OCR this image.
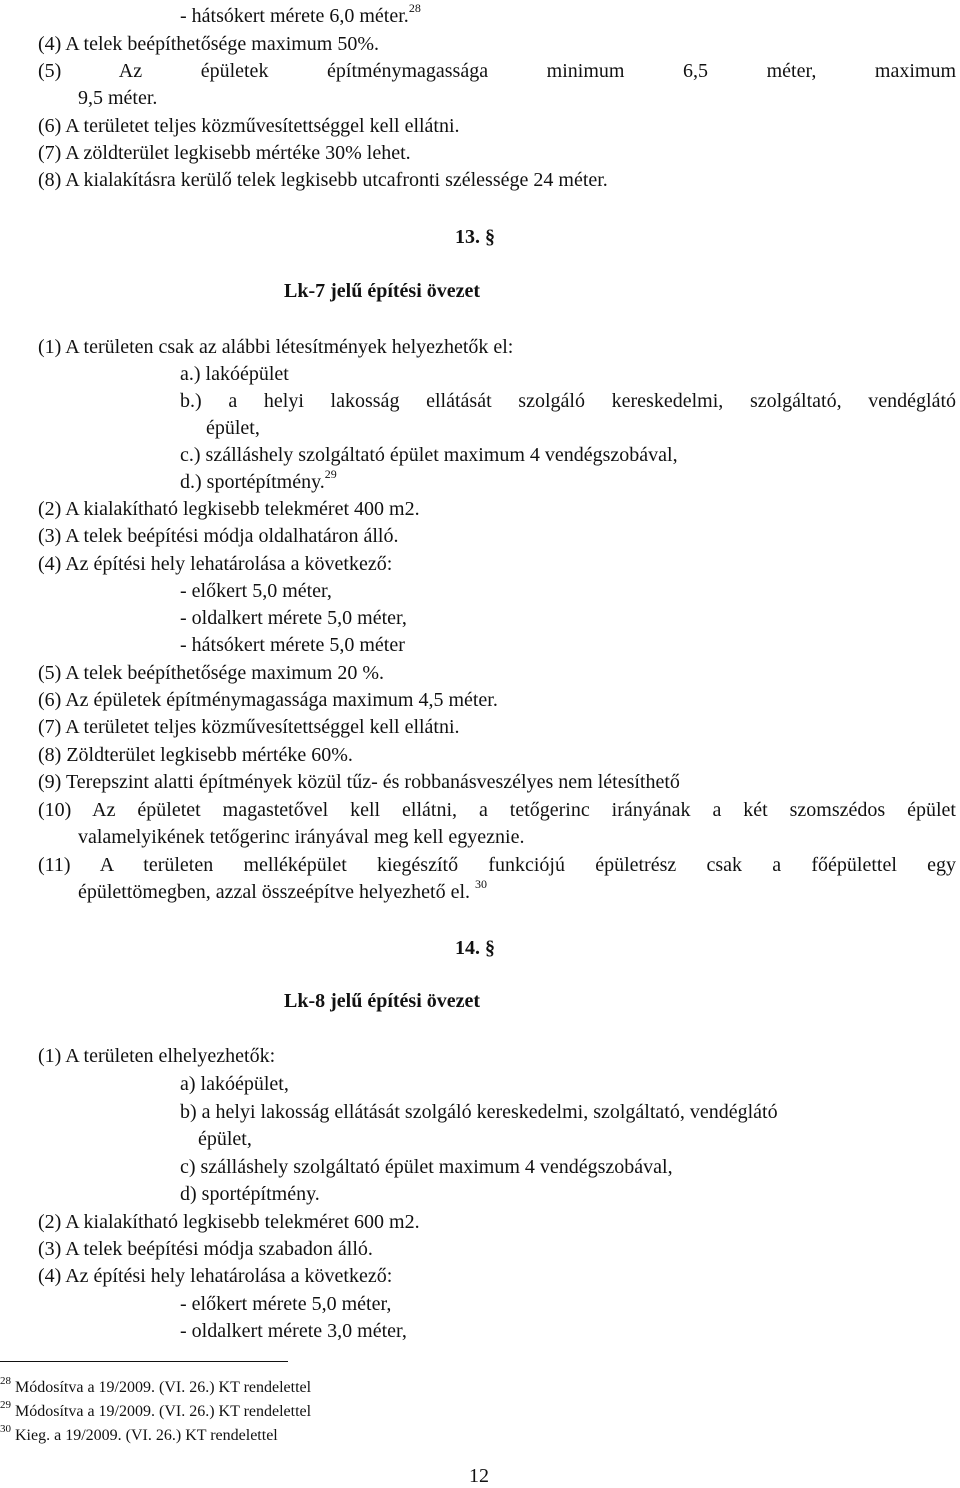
- hátsókert mérete 6,0 méter.$^{28}$
(4) A telek beépíthetősége maximum 50%.
(5) Az épületek építménymagassága minimum 6,5 méter, maximum
9,5 méter.
(6) A területet teljes közművesítettséggel kell ellátni.
(7) A zöldterület legkisebb mértéke 30% lehet.
(8) A kialakításra kerülő telek legkisebb utcafronti szélessége 24 méter.
13. §
Lk-7 jelű építési övezet
(1) A területen csak az alábbi létesítmények helyezhetők el:
a.) lakóépület
b.) a helyi lakosság ellátását szolgáló kereskedelmi, szolgáltató, vendéglátó
épület,
c.) szálláshely szolgáltató épület maximum 4 vendégszobával,
d.) sportépítmény.$^{29}$
(2) A kialakítható legkisebb telekméret 400 m2.
(3) A telek beépítési módja oldalhatáron álló.
(4) Az építési hely lehatárolása a következő:
- előkert 5,0 méter,
- oldalkert mérete 5,0 méter,
- hátsókert mérete 5,0 méter
(5) A telek beépíthetősége maximum 20 %.
(6) Az épületek építménymagassága maximum 4,5 méter.
(7) A területet teljes közművesítettséggel kell ellátni.
(8) Zöldterület legkisebb mértéke 60%.
(9) Terepszint alatti építmények közül tűz- és robbanásveszélyes nem létesíthető
(10) Az épületet magastetővel kell ellátni, a tetőgerinc irányának a két szomszédos épület
valamelyikének tetőgerinc irányával meg kell egyeznie.
(11) A területen melléképület kiegészítő funkciójú épületrész csak a főépülettel egy
épülettömegben, azzal összeépítve helyezhető el. $^{30}$
14. §
Lk-8 jelű építési övezet
(1) A területen elhelyezhetők:
a) lakóépület,
b) a helyi lakosság ellátását szolgáló kereskedelmi, szolgáltató, vendéglátó
épület,
c) szálláshely szolgáltató épület maximum 4 vendégszobával,
d) sportépítmény.
(2) A kialakítható legkisebb telekméret 600 m2.
(3) A telek beépítési módja szabadon álló.
(4) Az építési hely lehatárolása a következő:
- előkert mérete 5,0 méter,
- oldalkert mérete 3,0 méter,
$^{28}$ Módosítva a 19/2009. (VI. 26.) KT rendelettel
$^{29}$ Módosítva a 19/2009. (VI. 26.) KT rendelettel
$^{30}$ Kieg. a 19/2009. (VI. 26.) KT rendelettel
12
